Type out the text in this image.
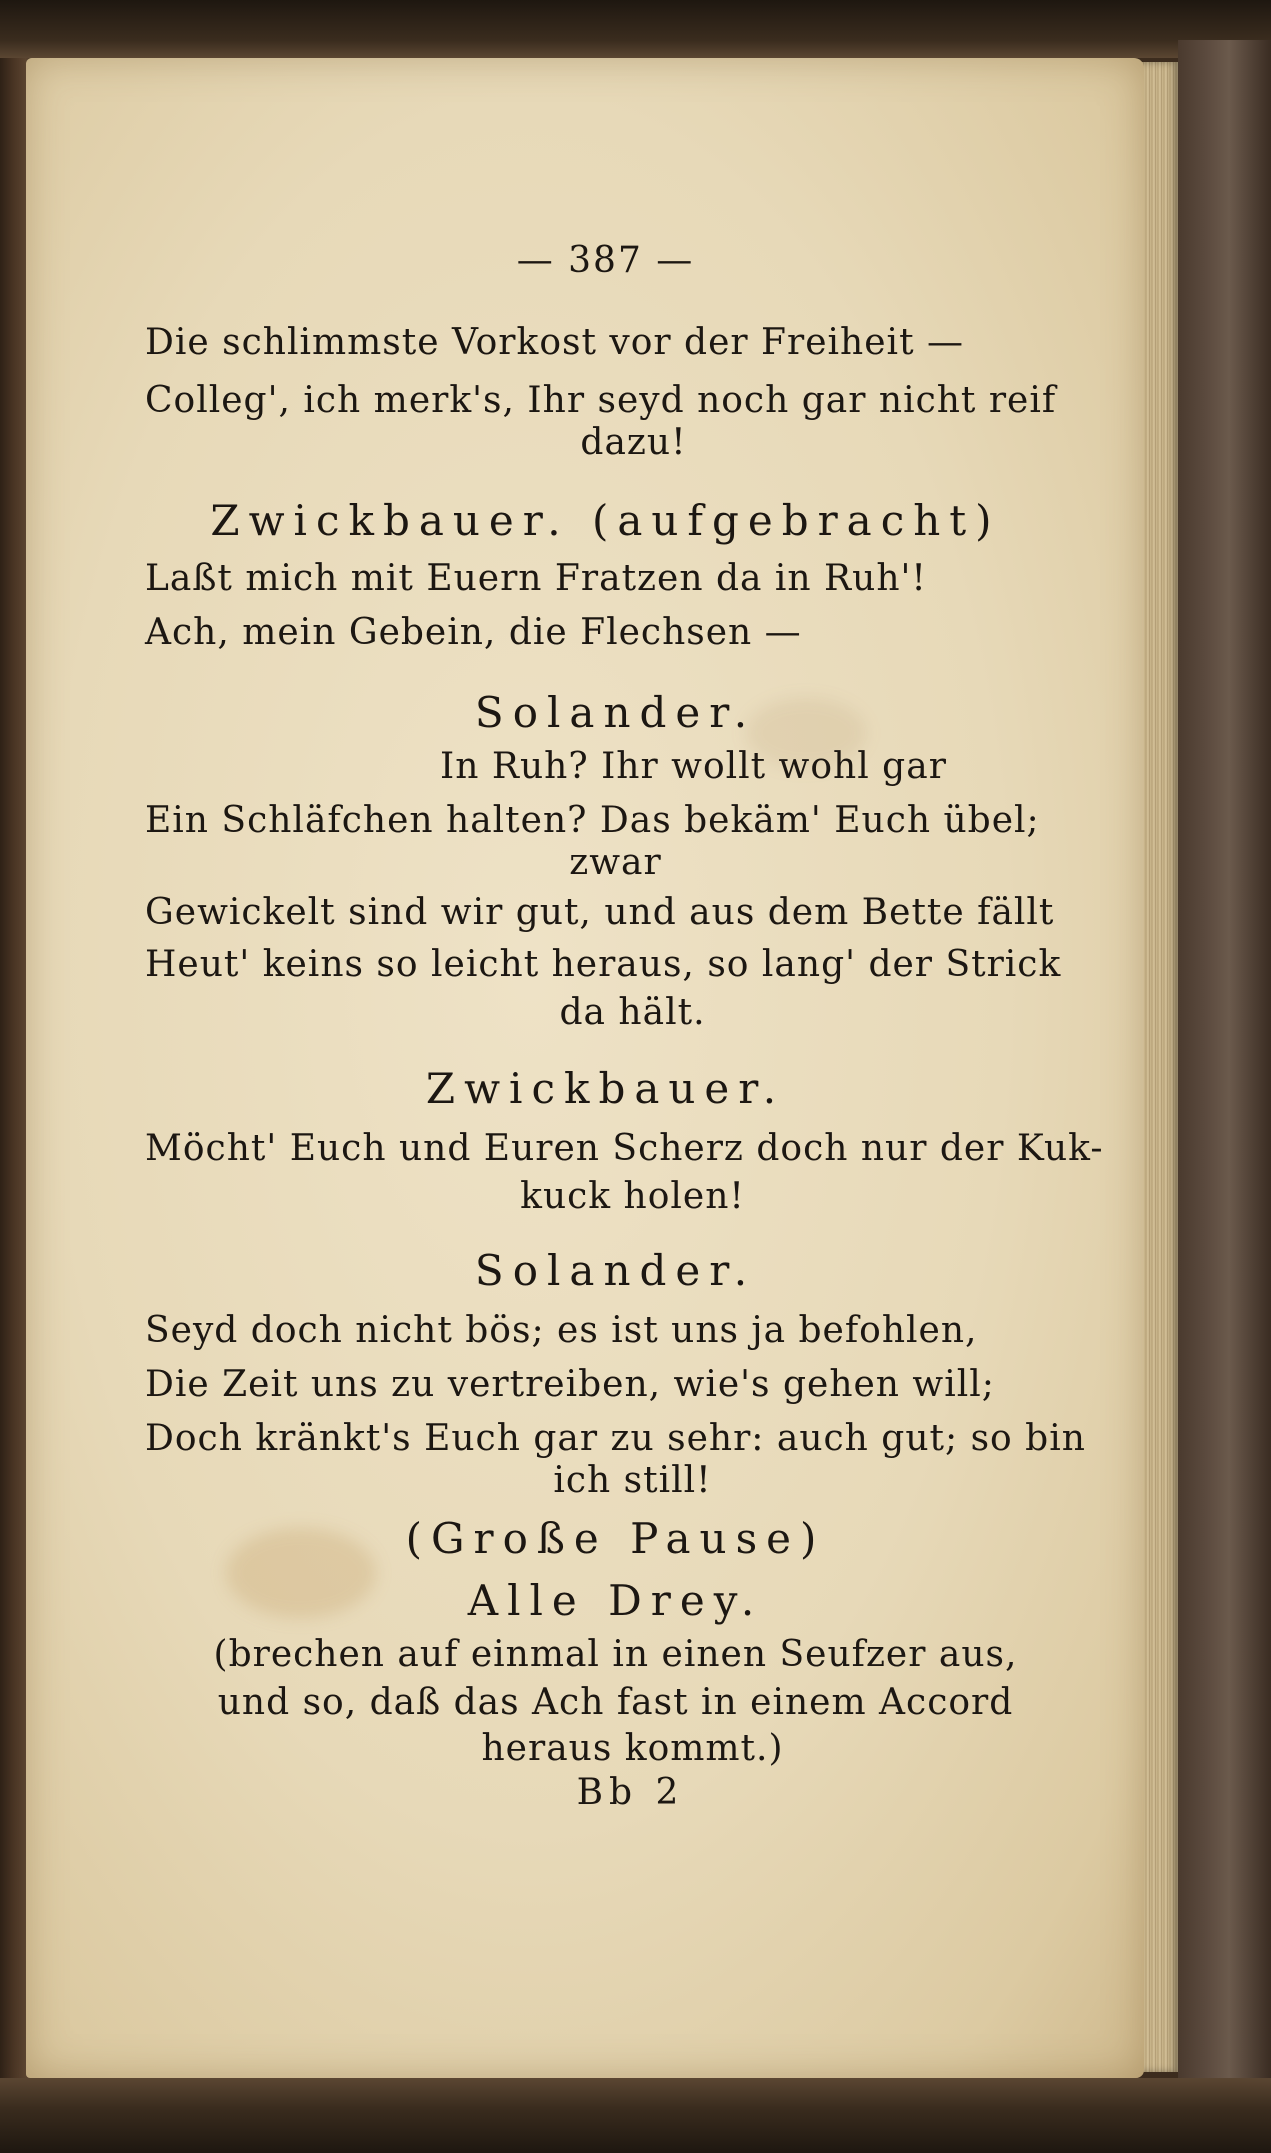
— 387 —
Die schlimmste Vorkost vor der Freiheit —
Colleg', ich merk's, Ihr seyd noch gar nicht reif
dazu!
Zwickbauer. (aufgebracht)
Laßt mich mit Euern Fratzen da in Ruh'!
Ach, mein Gebein, die Flechsen —
Solander.
In Ruh? Ihr wollt wohl gar
Ein Schläfchen halten? Das bekäm' Euch übel;
zwar
Gewickelt sind wir gut, und aus dem Bette fällt
Heut' keins so leicht heraus, so lang' der Strick
da hält.
Zwickbauer.
Möcht' Euch und Euren Scherz doch nur der Kuk-
kuck holen!
Solander.
Seyd doch nicht bös; es ist uns ja befohlen,
Die Zeit uns zu vertreiben, wie's gehen will;
Doch kränkt's Euch gar zu sehr: auch gut; so bin
ich still!
(Große Pause)
Alle Drey.
(brechen auf einmal in einen Seufzer aus,
und so, daß das Ach fast in einem Accord
heraus kommt.)
Bb 2
